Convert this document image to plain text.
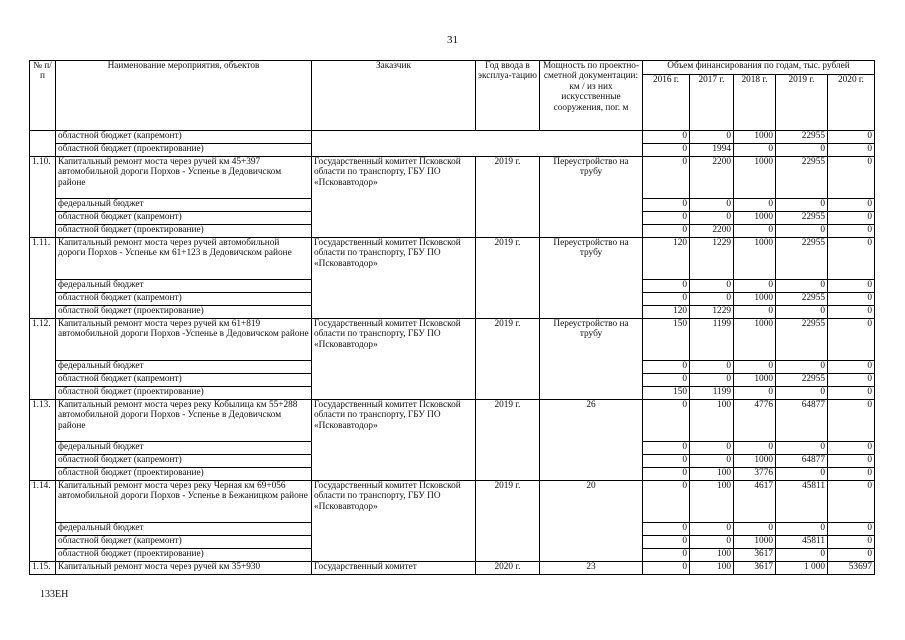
31
№ п/п	Наименование мероприятия, объектов	Заказчик	Год ввода в эксплуа-тацию	Мощность по проектно-сметной документации: км / из них искусственные сооружения, пог. м	Объем финансирования по годам, тыс. рублей				
					2016 г.	2017 г.	2018 г.	2019 г.	2020 г.
	областной бюджет (капремонт)				0	0	1000	22955	0
	областной бюджет (проектирование)				0	1994	0	0	0
1.10.	Капитальный ремонт моста через ручей км 45+397 автомобильной дороги Порхов - Успенье в Дедовичском районе	Государственный комитет Псковской области по транспорту, ГБУ ПО «Псковавтодор»	2019 г.	Переустройство на трубу	0	2200	1000	22955	0
	федеральный бюджет				0	0	0	0	0
	областной бюджет (капремонт)				0	0	1000	22955	0
	областной бюджет (проектирование)				0	2200	0	0	0
1.11.	Капитальный ремонт моста через ручей автомобильной дороги Порхов - Успенье км 61+123 в Дедовичском районе	Государственный комитет Псковской области по транспорту, ГБУ ПО «Псковавтодор»	2019 г.	Переустройство на трубу	120	1229	1000	22955	0
	федеральный бюджет				0	0	0	0	0
	областной бюджет (капремонт)				0	0	1000	22955	0
	областной бюджет (проектирование)				120	1229	0	0	0
1.12.	Капитальный ремонт моста через ручей км 61+819 автомобильной дороги Порхов -Успенье в Дедовичском районе	Государственный комитет Псковской области по транспорту, ГБУ ПО «Псковавтодор»	2019 г.	Переустройство на трубу	150	1199	1000	22955	0
	федеральный бюджет				0	0	0	0	0
	областной бюджет (капремонт)				0	0	1000	22955	0
	областной бюджет (проектирование)				150	1199	0	0	0
1.13.	Капитальный ремонт моста через реку Кобылица км 55+288 автомобильной дороги Порхов - Успенье в Дедовичском районе	Государственный комитет Псковской области по транспорту, ГБУ ПО «Псковавтодор»	2019 г.	26	0	100	4776	64877	0
	федеральный бюджет				0	0	0	0	0
	областной бюджет (капремонт)				0	0	1000	64877	0
	областной бюджет (проектирование)				0	100	3776	0	0
1.14.	Капитальный ремонт моста через реку Черная км 69+056 автомобильной дороги Порхов - Успенье в Бежаницком районе	Государственный комитет Псковской области по транспорту, ГБУ ПО «Псковавтодор»	2019 г.	20	0	100	4617	45811	0
	федеральный бюджет				0	0	0	0	0
	областной бюджет (капремонт)				0	0	1000	45811	0
	областной бюджет (проектирование)				0	100	3617	0	0
1.15.	Капитальный ремонт моста через ручей км 35+930	Государственный комитет	2020 г.	23	0	100	3617	1 000	53697
133ЕН
